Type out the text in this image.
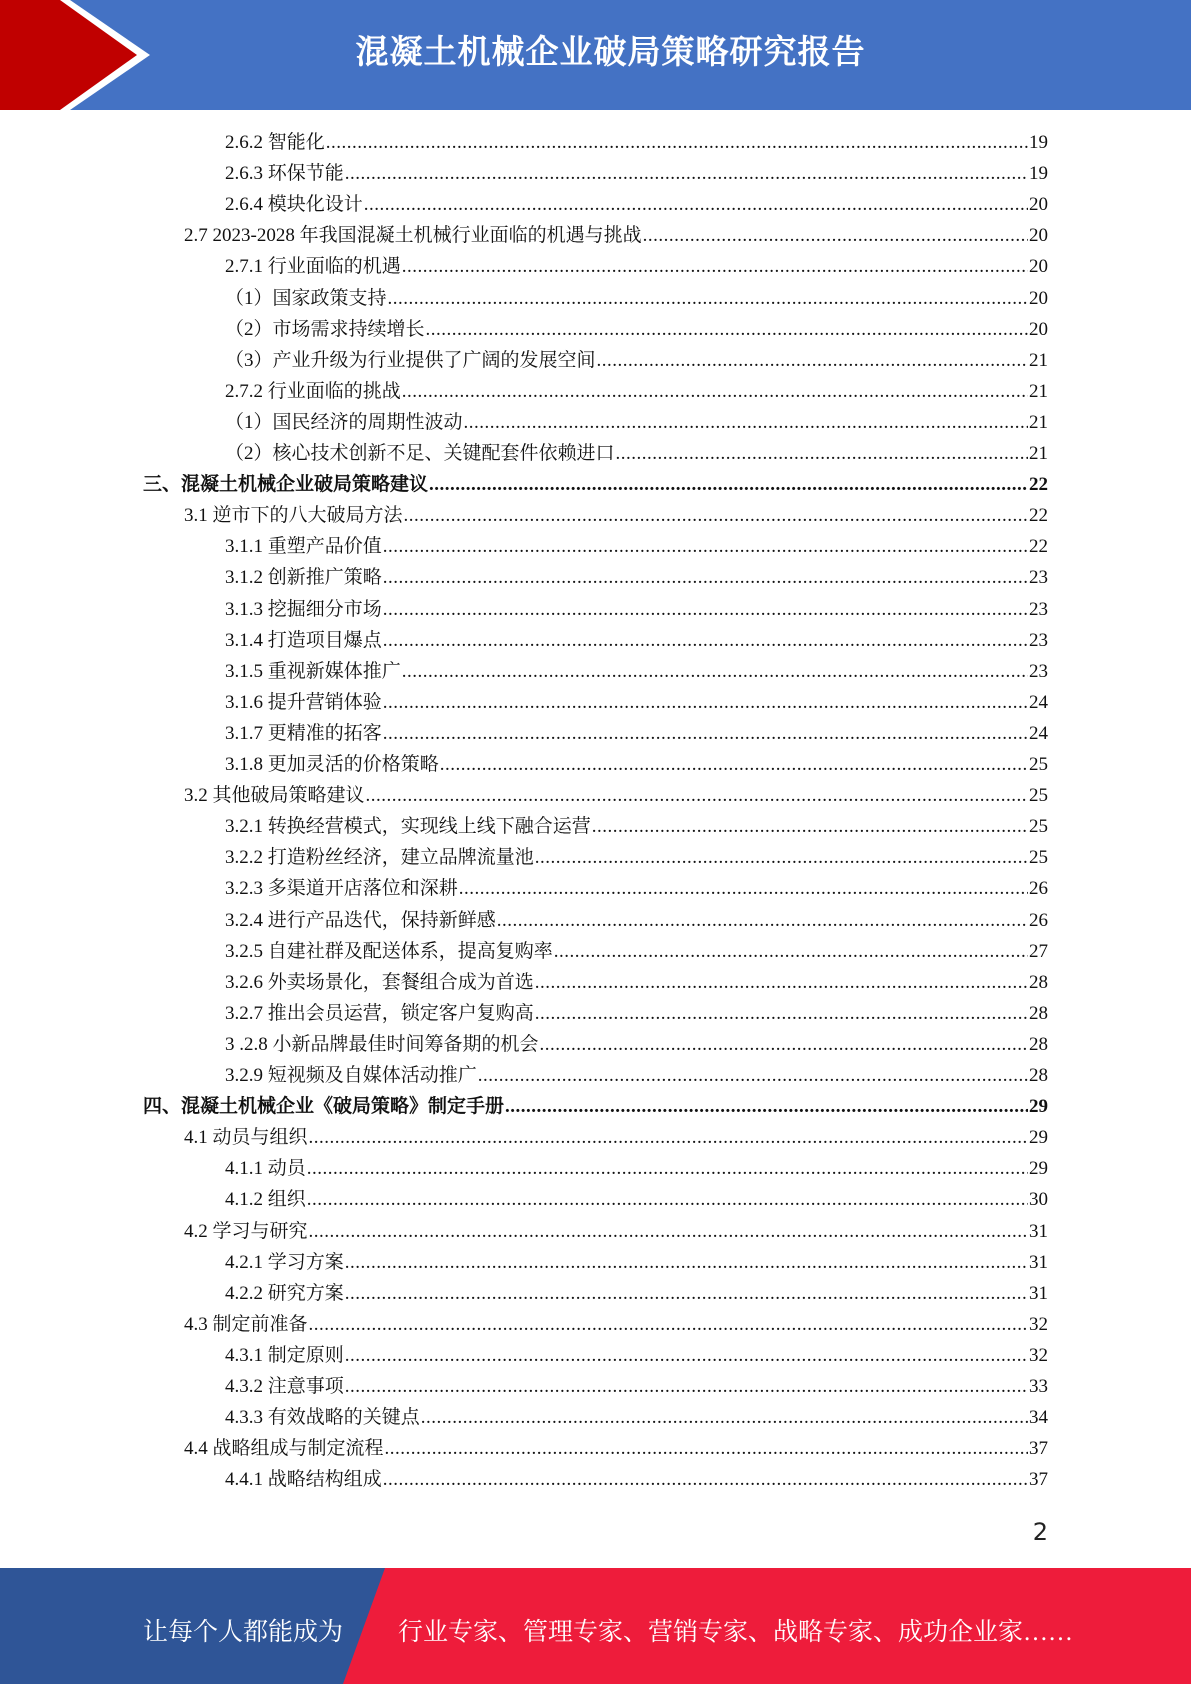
混凝土机械企业破局策略研究报告
2.6.2 智能化 .....	19
2.6.3 环保节能 .....	19
2.6.4 模块化设计 .....	20
2.7 2023-2028 年我国混凝土机械行业面临的机遇与挑战 .....	20
2.7.1 行业面临的机遇 .....	20
（1）国家政策支持 .....	20
（2）市场需求持续增长 .....	20
（3）产业升级为行业提供了广阔的发展空间 .....	21
2.7.2 行业面临的挑战 .....	21
（1）国民经济的周期性波动 .....	21
（2）核心技术创新不足、关键配套件依赖进口 .....	21
三、混凝土机械企业破局策略建议 .....	22
3.1 逆市下的八大破局方法 .....	22
3.1.1 重塑产品价值 .....	22
3.1.2 创新推广策略 .....	23
3.1.3 挖掘细分市场 .....	23
3.1.4 打造项目爆点 .....	23
3.1.5 重视新媒体推广 .....	23
3.1.6 提升营销体验 .....	24
3.1.7 更精准的拓客 .....	24
3.1.8 更加灵活的价格策略 .....	25
3.2 其他破局策略建议 .....	25
3.2.1 转换经营模式，实现线上线下融合运营 .....	25
3.2.2 打造粉丝经济，建立品牌流量池 .....	25
3.2.3 多渠道开店落位和深耕 .....	26
3.2.4 进行产品迭代，保持新鲜感 .....	26
3.2.5 自建社群及配送体系，提高复购率 .....	27
3.2.6 外卖场景化，套餐组合成为首选 .....	28
3.2.7 推出会员运营，锁定客户复购高 .....	28
3 .2.8 小新品牌最佳时间筹备期的机会 .....	28
3.2.9 短视频及自媒体活动推广 .....	28
四、混凝土机械企业《破局策略》制定手册 .....	29
4.1 动员与组织 .....	29
4.1.1 动员 .....	29
4.1.2 组织 .....	30
4.2 学习与研究 .....	31
4.2.1 学习方案 .....	31
4.2.2 研究方案 .....	31
4.3 制定前准备 .....	32
4.3.1 制定原则 .....	32
4.3.2 注意事项 .....	33
4.3.3 有效战略的关键点 .....	34
4.4 战略组成与制定流程 .....	37
4.4.1 战略结构组成 .....	37
2
让每个人都能成为 行业专家、管理专家、营销专家、战略专家、成功企业家……
